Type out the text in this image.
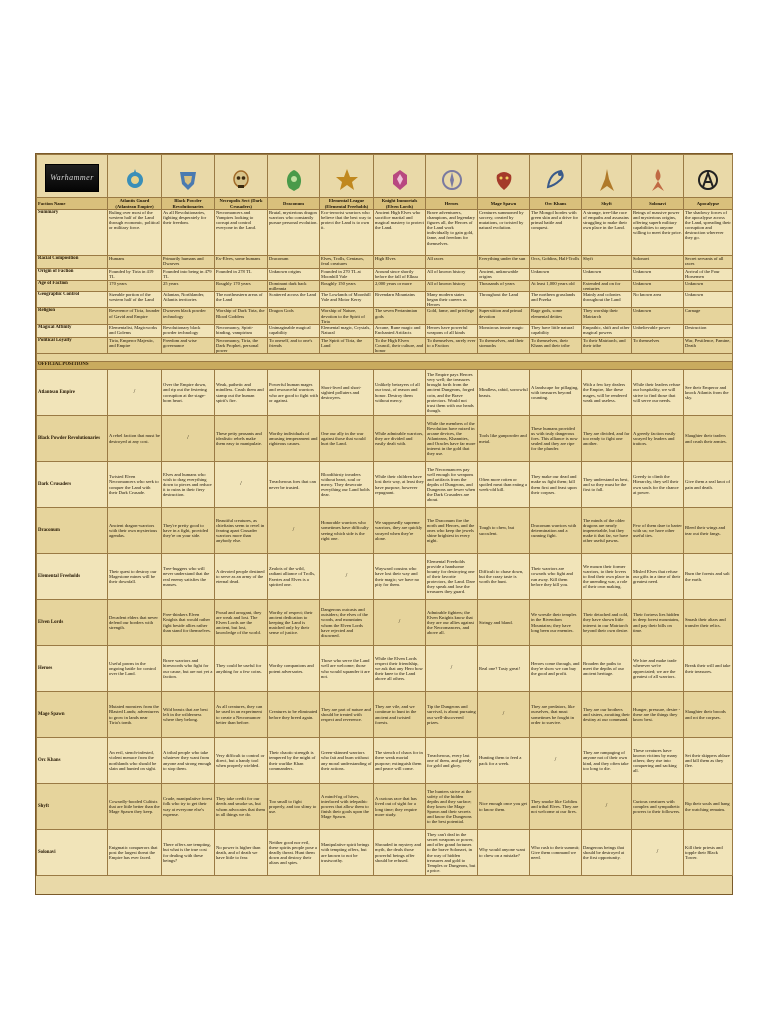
Warhammer

Faction Name	Atlantis Guard (Atlantean Empire)	Black Powder Revolutionaries	Necropolis Sect (Dark Crusaders)	Draconum	Elemental League (Elemental Freeholds)	Knight Immortals (Elven Lords)	Heroes	Mage Spawn	Orc Khans	Shyft	Solonavi	Apocalypse
Summary	Ruling over most of the western half of the Land through economic, political or military force.	As all Revolutionaries, fighting desperately for their freedom.	Necromancers and Vampires looking to corrupt and control everyone in the Land.	Brutal, mysterious dragon warriors who constantly pursue personal evolution.	Eco-terrorist warriors who believe that the best way to protect the Land is to own it.	Ancient High Elves who sacrifice martial and magical mastery to protect the Land.	Brave adventurers, champions, and legendary figures all, the Heroes of the Land work individually to gain gold, fame, and freedom for themselves.	Creatures summoned by sorcery, created by mutations, or twisted by natural evolution.	The Mongol hordes with green skin and a drive for primal battle and conquest.	A strange, tree-like race of empaths and assassins struggling to make their own place in the Land.	Beings of massive power and mysterious origins, offering superb military capabilities to anyone willing to meet their price.	The shadowy forces of the apocalypse across the Land, spreading their corruption and destruction wherever they go.
Racial Composition	Humans	Primarily humans and Dwarves	Ex-Elves, some humans	Draconum	Elves, Trolls, Centaurs, feral creatures	High Elves	All races	Everything under the sun	Orcs, Goblins, Half-Trolls	Shyft	Solonavi	Secret servants of all races
Origin of Faction	Founded by Tiria in 419 TL	Founded into being in 479 TL	Founded in 278 TL	Unknown origins	Founded in 270 TL at Moonhill Vale	Around since shortly before the fall of Elkuu	All of known history	Ancient, unknowable origins	Unknown	Unknown	Unknown	Arrival of the Four Horsemen
Age of Faction	170 years	25 years	Roughly 170 years	Dominant dark back millennia	Roughly 150 years	2,000 years or more	All of known history	Thousands of years	At least 1,000 years old	Extended and on for centuries	Unknown	Unknown
Geographic Control	Sizeable portion of the western half of the Land	Atlantan, Northlander, Atlantis territories	The northeastern areas of the Land	Scattered across the Land	The Lowlands of Moonhill Vale and Motor Kerry	Rivendarn Mountains	Many modern states began their careers as Heroes	Throughout the Land	The northern grasslands and Przeka	Mainly and colonies throughout the Land	No known area	Unknown
Religion	Reverence of Tiria, founder of Gavid and Empire	Dwarven black powder technology	Worship of Dark Tiria, the Blood Goddess	Dragon Gods	Worship of Nature, devotion to the Spirit of Tiria	The seven Pertanimian gods	Gold, fame, and privilege	Superstition and primal devotion	Rage gods, some elemental deities	They worship their Matriarch	Unknown	Carnage
Magical Affinity	Elementalist, Magicworks and Golems	Revolutionary black powder technology	Necromancy, Spirit-binding, vampirism	Unimaginable magical capability	Elemental magic, Crystals, Natural	Arcane, Rune magic and Enchanted Artifacts	Heroes have powerful weapons of all kinds	Monstrous innate magic	They have little natural capability	Empathic, shift and other magical powers	Unbelievable power	Destruction
Political Loyalty	Tiria, Emperor Majestic, and Empire	Freedom and wise governance	Necromancy, Tiria, the Dark Prophet, personal power	To oneself, and to one's friends	The Spirit of Tiria, the Land	To the High Elven Council, their culture, and honor	To themselves, rarely ever to a Faction	To themselves, and their stomachs	To themselves, their Khans and their tribe	To their Matriarch, and their tribe	To themselves	War, Pestilence, Famine, Death

OFFICIAL POSITIONS												
Atlantean Empire	/	Over the Empire down, and rip out the festering corruption at the stage-born heart.	Weak, pathetic and mindless. Crush them and stamp out the human spirit's fire.	Powerful human mages and resourceful warriors who are good to fight with or against.	Short-lived and short-sighted polluters and destroyers.	Unlikely betrayers of all our trust, of reason and honor. Destroy them without mercy.	The Empire pays Heroes very well; the treasures brought forth from the ancient Dungeons, forged coin, and the Brave protectors. Would not trust them with our heads though.	Mindless, rabid, sorrowful beasts.	A landscape for pillaging, with treasures beyond counting.	With a few key dealers the Empire, like these mages, will be rendered weak and useless.	While their leaders refuse our hospitality, we will strive to find those that will serve our needs.	See their Emperor and knock Atlantis from the sky.
Black Powder Revolutionaries	A rebel faction that must be destroyed at any cost.	/	These petty peasants and idealistic rebels make them easy to manipulate.	Worthy individuals of amusing temperament and righteous causes.	One our ally in the war against those that would hurt the Land.	While admirable warriors, they are divided and easily dealt with.	While the members of the Revolution have mixed in arcane devices, the Atlanteans, Khannites, and Oracles have far more interest in the gold that they use.	Tools like gunpowder and metal.	These humans provided us with truly dangerous foes. This alliance is now sealed and they are ripe for the plunder.	They are divided, and far too ready to fight one another.	A greedy faction easily swayed by leaders and traitors.	Slaughter their traders and crush their armies.
Dark Crusaders	Twisted Elven Necromancers who seek to conquer the Land with their Dark Crusade.	Elves and humans who wish to drag everything down to pieces and reduce it to ruins in their fiery destruction.	/	Treacherous foes that can never be trusted.	Bloodthirsty invaders without heart, soul or mercy. They desecrate everything our Land holds dear.	While their children have lost their way, at least they have purpose, however repugnant.	The Necromancers pay well enough for weapons and artifacts from the depths of Dungeons, and Dungeons are fewer when the Dark Crusaders are about.	Often more rotten or spoiled meat than eating a week-old kill.	They make our dead and make us fight them; kill them first and feast upon their corpses.	They understand us best, and so they must be the first to fall.	Greedy to climb the Hierarchy, they sell their own souls for the chance at power.	Give them a seal knot of pain and death.
Draconum	Ancient dragon-warriors with their own mysterious agendas.	They're pretty good to have in a fight, provided they're on your side.	Beautiful creatures, as chieftains seem to revel in fearing apart Crusader warriors more than anybody else.	/	Honorable warriors who sometimes have difficulty seeing which side is the right one.	We supposedly supreme warriors, they are quickly swayed when they're alone.	The Draconum fire the north and Heroes, and the ones who keep the jewels shine brightest in every night.	Tough to chew, but succulent.	Draconum warriors with determination and a cunning fight.	The minds of the older dragons are nearly impenetrable, but they make it that far, we have other useful pawns.	Few of them dare to barter with us; we have other useful ties.	Bleed their wings and tear out their fangs.
Elemental Freeholds	Their quest to destroy our Magestone mines will be their downfall.	Tree-huggers who will never understand that the real enemy satisfies the masses.	A devoted people destined to serve as an army of the eternal dead.	Zealots of the wild, radiant alliance of Trolls, Faeries and Elves is a spirited one.	/	Wayward cousins who have lost their way and their magic; we have no pity for them.	Elemental Freeholds provide a handsome bounty for destroying one of their favorite protectors, the Land. Dare they speak and lose the treasures they guard.	Difficult to chase down, but the crazy taste is worth the hunt.	Their warriors are cowards who fight and run away. Kill them before they kill you.	We mourn their former warriors, to their lovers to find their own place in the unending war, a role of their own making.	Misled Elves that refuse our gifts in a time of their greatest need.	Burn the forests and salt the earth.
Elven Lords	Decadent elders that never defend our borders with strength.	Free-thinkers Elven Knights that would rather fight beside allies rather than stand for themselves.	Proud and arrogant, they are weak and lost. The Elven Lords are the ancient, but lost, knowledge of the world.	Worthy of respect; their ancient dedication to keeping the Land is matched only by their sense of justice.	Dangerous outcasts and outsiders; the elves of the woods, and mountains whom the Elven Lords have rejected and disowned.	/	Admirable fighters; the Elven Knights know that they are our allies against the Necromancers, and above all.	Stringy and bland.	We wrestle their temples in the Rivendarn Mountains; they have long been our enemies.	Their detached and cold, they have shown little interest in our Matriarch beyond their own desire.	Their fortress lies hidden in deep forest mountains, and pay their bills on time.	Smash their altars and transfer their relics.
Heroes	Useful pawns in the ongoing battle for control over the Land.	Brave warriors and hireswords who fight for our cause, but are not yet a faction.	They could be useful for anything for a few coins.	Worthy companions and potent adversaries.	Those who serve the Land well are welcome; those who would squander it are not.	While the Elven Lords respect their friendship, we ask that any Hero bow their knee to the Land above all others.	/	Real one? Tasty great!	Heroes come through, and they're show we can buy the good and profit.	Broaden the paths to meet the depths of our ancient heritage.	We hire and make trade wherever we're appreciated; we are the greatest of all warriors.	Break their will and take their treasures.
Mage Spawn	Mutated monsters from the Blasted Lands; adventurers to grow in lands near Tiria's tomb.	Wild beasts that are best left in the wilderness where they belong.	As all creatures, they can be used in an experiment to create a Necromancer better than before.	Creatures to be eliminated before they breed again.	They are part of nature and should be treated with respect and reverence.	They are vile, and we continue to hunt in the ancient and twisted forests.	Tip the Dungeons and survival, is about pursuing our well-discovered prizes.	/	They are predators, like ourselves, that must sometimes be fought in order to survive.	They are our brothers and sisters, awaiting their destiny at our command.	Hunger, pressure, desire - these are the things they know best.	Slaughter their broods and rot the corpses.
Orc Khans	An evil, stench-infested, violent menace from the northlands who should be slain and hunted on sight.	A tribal people who take whatever they want from anyone and strong enough to stop them.	Very difficult to control or direct, but a handy tool when properly wielded.	Their chaotic strength is tempered by the might of their warlike Khan commanders.	Green-skinned warriors who fait and burn without any moral understanding of their actions.	The stench of chaos for in there weak mortal purpose; extinguish them and peace will come.	Treacherous, every last one of them, and greedy for gold and glory.	Hunting them to feed a pack for a week.	/	They are rampaging of anyone not of their own kind, and they often take too long to die.	These creatures have known victims by many others; they rise into conquering and sacking all.	Set their skippers ablaze and kill them as they flee.
Shyft	Cowardly-hooded Cultists that are little better than the Mage Spawn they keep.	Crude, manipulative forest folk who try to get their way at everyone else's expense.	They take credit for our deeds and smoke us, but whom advocates that them in all things we do.	Too small to fight properly, and too slimy to use.	A mind-fog of hives, interlaced with telepathic powers that allow them to finish their goals upon the Mage Spawn.	A curious race that has lived out of sight for a long time; they require more study.	The hunters strive at the safety of the hidden depths and they surface; they know the Mage Spawn and their secrets and know the Dungeons to the best potential.	Nice enough once you get to know them.	They smoke like Goblins and tribal Elves. They are not welcome at our fires.	/	Curious creatures with complex and sympathetic powers to their followers.	Rip their souls and hang the watching remains.
Solonavi	Enigmatic conquerors that post the largest threat the Empire has ever faced.	There offers are tempting, but what is the true cost for dealing with these beings?	No power is higher than death, and of death we have little to fear.	Neither good nor evil, these spirits people pose a deadly threat. Hunt them down and destroy their altars and spies.	Manipulative spirit beings with tempting offers, but are known to not be trustworthy.	Shrouded in mystery and myth, the deals those powerful beings offer should be refused.	They can't deal in the secret weapons or power, and offer grand fortunes to the brave Solonavi, in the way of hidden treasures and gold to Temples or Dungeons, but a price.	Why would anyone want to chew on a mistake?	Who rush to their summit; Give them command we need.	Dangerous beings that should be destroyed at the first opportunity.	/	Kill their priests and topple their Black Tower.
